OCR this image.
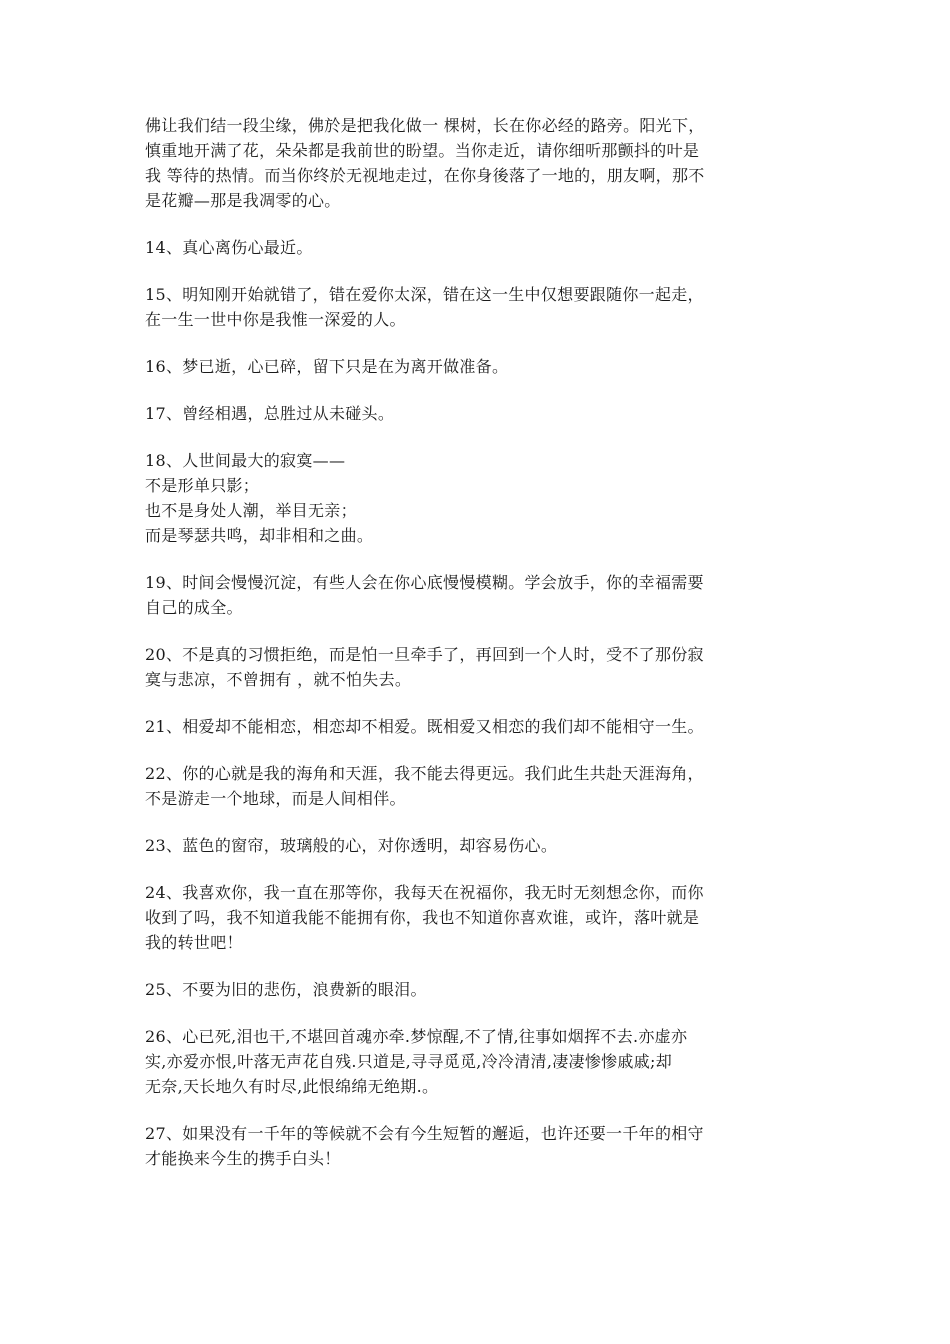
佛让我们结一段尘缘，佛於是把我化做一 棵树，长在你必经的路旁。阳光下，
慎重地开满了花，朵朵都是我前世的盼望。当你走近，请你细听那颤抖的叶是
我 等待的热情。而当你终於无视地走过，在你身後落了一地的，朋友啊，那不
是花瓣—那是我凋零的心。
14、真心离伤心最近。
15、明知刚开始就错了，错在爱你太深，错在这一生中仅想要跟随你一起走，
在一生一世中你是我惟一深爱的人。
16、梦已逝，心已碎，留下只是在为离开做准备。
17、曾经相遇，总胜过从未碰头。
18、人世间最大的寂寞——
不是形单只影；
也不是身处人潮，举目无亲；
而是琴瑟共鸣，却非相和之曲。
19、时间会慢慢沉淀，有些人会在你心底慢慢模糊。学会放手，你的幸福需要
自己的成全。
20、不是真的习惯拒绝，而是怕一旦牵手了，再回到一个人时，受不了那份寂
寞与悲凉，不曾拥有 ，就不怕失去。
21、相爱却不能相恋，相恋却不相爱。既相爱又相恋的我们却不能相守一生。
22、你的心就是我的海角和天涯，我不能去得更远。我们此生共赴天涯海角，
不是游走一个地球，而是人间相伴。
23、蓝色的窗帘，玻璃般的心，对你透明，却容易伤心。
24、我喜欢你，我一直在那等你，我每天在祝福你，我无时无刻想念你，而你
收到了吗，我不知道我能不能拥有你，我也不知道你喜欢谁，或许，落叶就是
我的转世吧！
25、不要为旧的悲伤，浪费新的眼泪。
26、心已死,泪也干,不堪回首魂亦牵.梦惊醒,不了情,往事如烟挥不去.亦虚亦
实,亦爱亦恨,叶落无声花自残.只道是,寻寻觅觅,冷冷清清,凄凄惨惨戚戚;却
无奈,天长地久有时尽,此恨绵绵无绝期.。
27、如果没有一千年的等候就不会有今生短暂的邂逅，也许还要一千年的相守
才能换来今生的携手白头！
